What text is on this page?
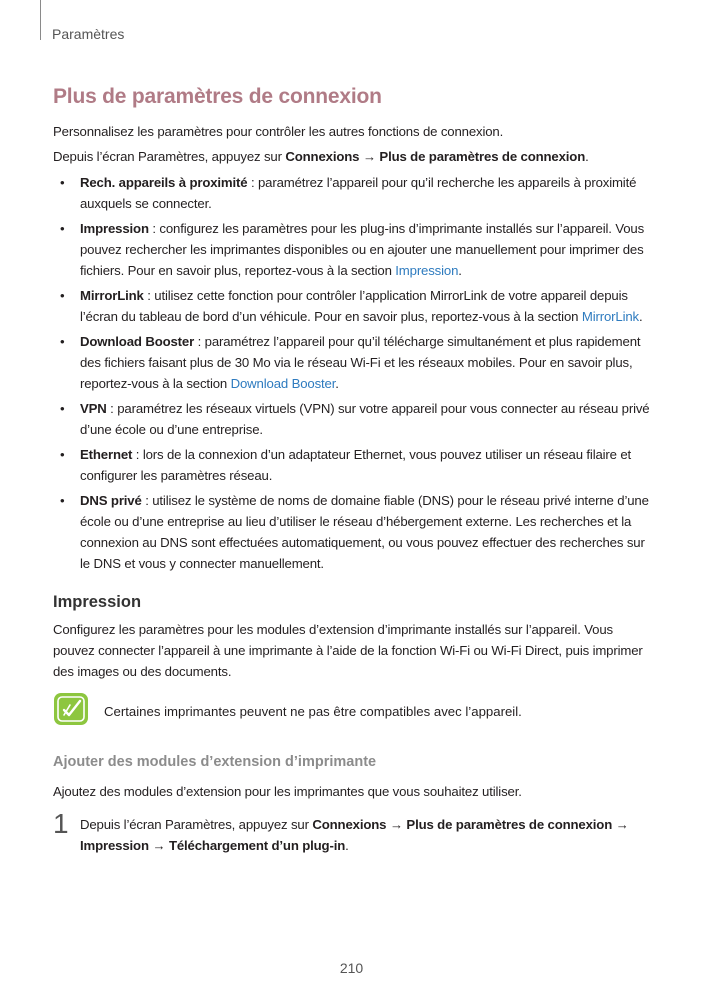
Paramètres
Plus de paramètres de connexion

Personnalisez les paramètres pour contrôler les autres fonctions de connexion.

Depuis l’écran Paramètres, appuyez sur Connexions → Plus de paramètres de connexion.

• Rech. appareils à proximité : paramétrez l’appareil pour qu’il recherche les appareils à proximité auxquels se connecter.
• Impression : configurez les paramètres pour les plug-ins d’imprimante installés sur l’appareil. Vous pouvez rechercher les imprimantes disponibles ou en ajouter une manuellement pour imprimer des fichiers. Pour en savoir plus, reportez-vous à la section Impression.
• MirrorLink : utilisez cette fonction pour contrôler l’application MirrorLink de votre appareil depuis l’écran du tableau de bord d’un véhicule. Pour en savoir plus, reportez-vous à la section MirrorLink.
• Download Booster : paramétrez l’appareil pour qu’il télécharge simultanément et plus rapidement des fichiers faisant plus de 30 Mo via le réseau Wi-Fi et les réseaux mobiles. Pour en savoir plus, reportez-vous à la section Download Booster.
• VPN : paramétrez les réseaux virtuels (VPN) sur votre appareil pour vous connecter au réseau privé d’une école ou d’une entreprise.
• Ethernet : lors de la connexion d’un adaptateur Ethernet, vous pouvez utiliser un réseau filaire et configurer les paramètres réseau.
• DNS privé : utilisez le système de noms de domaine fiable (DNS) pour le réseau privé interne d’une école ou d’une entreprise au lieu d’utiliser le réseau d’hébergement externe. Les recherches et la connexion au DNS sont effectuées automatiquement, ou vous pouvez effectuer des recherches sur le DNS et vous y connecter manuellement.
Impression

Configurez les paramètres pour les modules d’extension d’imprimante installés sur l’appareil. Vous pouvez connecter l’appareil à une imprimante à l’aide de la fonction Wi-Fi ou Wi-Fi Direct, puis imprimer des images ou des documents.

Certaines imprimantes peuvent ne pas être compatibles avec l’appareil.
Ajouter des modules d’extension d’imprimante

Ajoutez des modules d’extension pour les imprimantes que vous souhaitez utiliser.

1 Depuis l’écran Paramètres, appuyez sur Connexions → Plus de paramètres de connexion → Impression → Téléchargement d’un plug-in.
210
